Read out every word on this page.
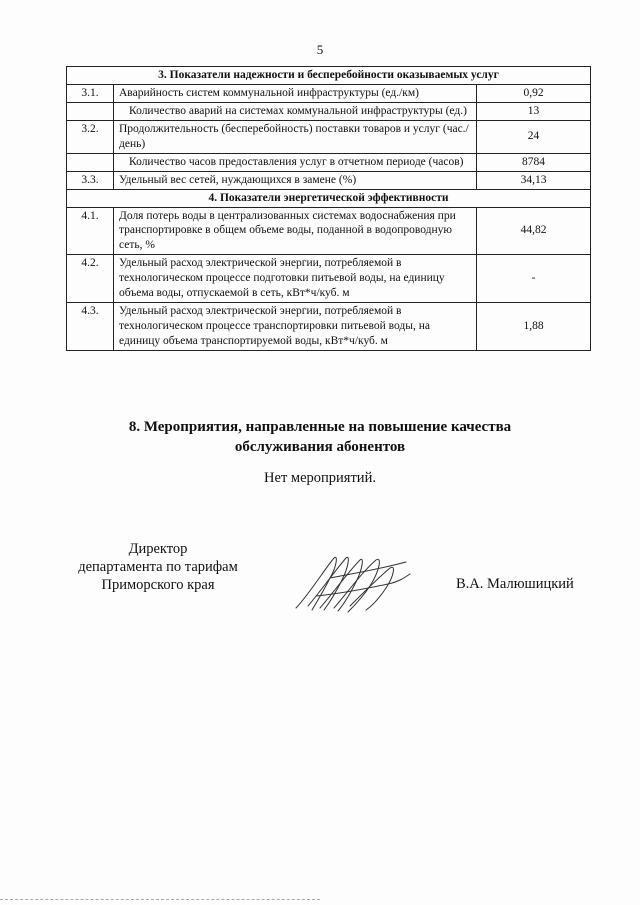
5
3. Показатели надежности и бесперебойности оказываемых услуг		
3.1.	Аварийность систем коммунальной инфраструктуры (ед./км)	0,92
	Количество аварий на системах коммунальной инфраструктуры (ед.)	13
3.2.	Продолжительность (бесперебойность) поставки товаров и услуг (час./день)	24
	Количество часов предоставления услуг в отчетном периоде (часов)	8784
3.3.	Удельный вес сетей, нуждающихся в замене (%)	34,13
4. Показатели энергетической эффективности		
4.1.	Доля потерь воды в централизованных системах водоснабжения при транспортировке в общем объеме воды, поданной в водопроводную сеть, %	44,82
4.2.	Удельный расход электрической энергии, потребляемой в технологическом процессе подготовки питьевой воды, на единицу объема воды, отпускаемой в сеть, кВт*ч/куб. м	-
4.3.	Удельный расход электрической энергии, потребляемой в технологическом процессе транспортировки питьевой воды, на единицу объема транспортируемой воды, кВт*ч/куб. м	1,88
8. Мероприятия, направленные на повышение качества
обслуживания абонентов
Нет мероприятий.
Директор
департамента по тарифам
Приморского края	В.А. Малюшицкий
